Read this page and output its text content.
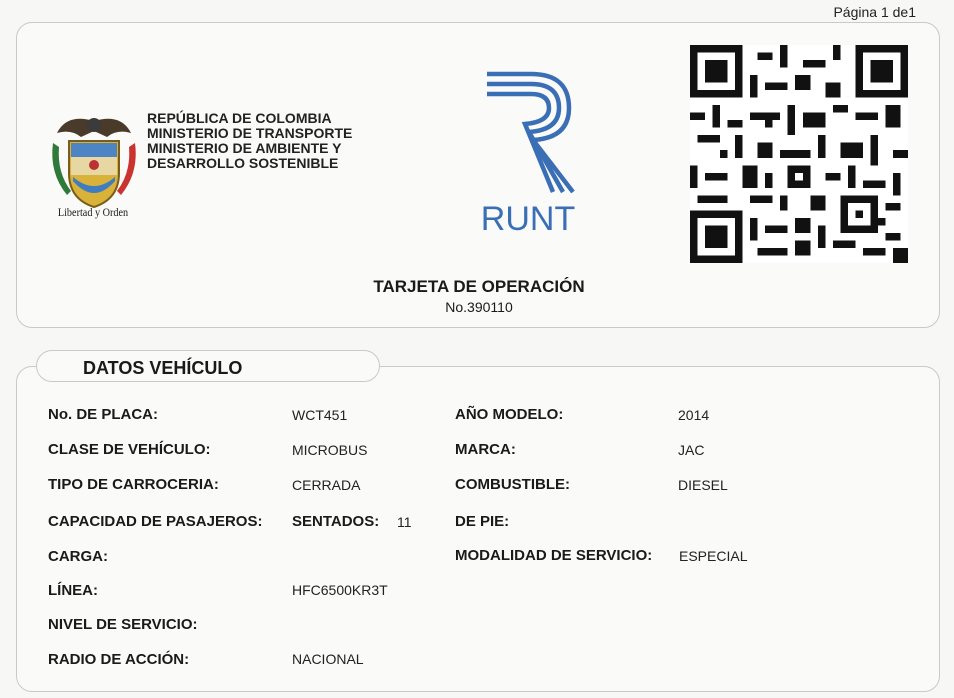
Página 1 de1
Libertad y Orden
REPÚBLICA DE COLOMBIA
MINISTERIO DE TRANSPORTE
MINISTERIO DE AMBIENTE Y
DESARROLLO SOSTENIBLE
RUNT
TARJETA DE OPERACIÓN
No.390110
DATOS VEHÍCULO
No. DE PLACA:	WCT451	AÑO MODELO:	2014
CLASE DE VEHÍCULO:	MICROBUS	MARCA:	JAC
TIPO DE CARROCERIA:	CERRADA	COMBUSTIBLE:	DIESEL
CAPACIDAD DE PASAJEROS: SENTADOS: 11	DE PIE:
CARGA:	MODALIDAD DE SERVICIO: ESPECIAL
LÍNEA:	HFC6500KR3T
NIVEL DE SERVICIO:
RADIO DE ACCIÓN:	NACIONAL
